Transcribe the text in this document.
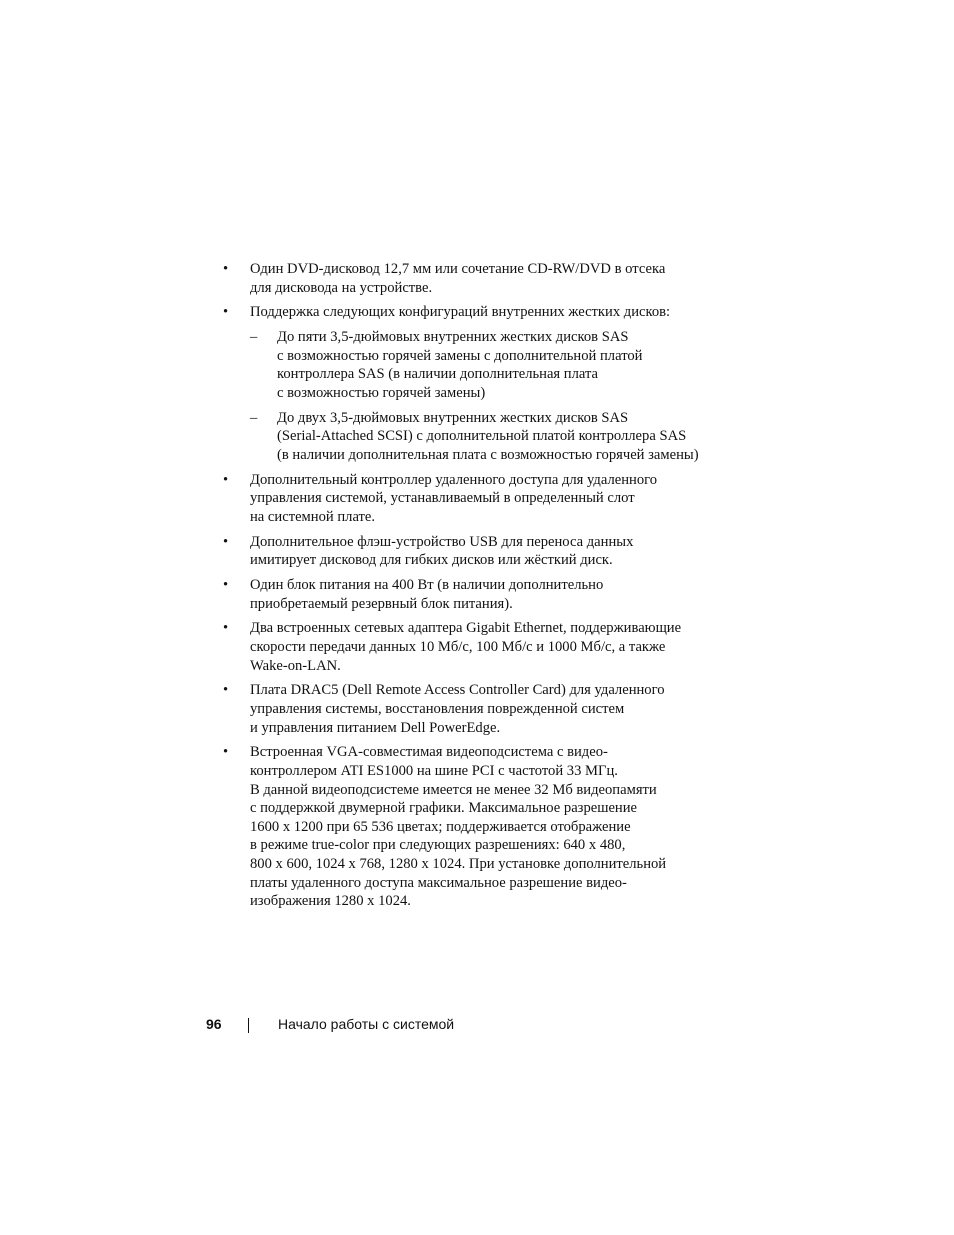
•	Один DVD-дисковод 12,7 мм или сочетание CD-RW/DVD в отсека
для дисковода на устройстве.
•	Поддержка следующих конфигураций внутренних жестких дисков:
–	До пяти 3,5-дюймовых внутренних жестких дисков SAS
с возможностью горячей замены с дополнительной платой
контроллера SAS (в наличии дополнительная плата
с возможностью горячей замены)
–	До двух 3,5-дюймовых внутренних жестких дисков SAS
(Serial-Attached SCSI) с дополнительной платой контроллера SAS
(в наличии дополнительная плата с возможностью горячей замены)
•	Дополнительный контроллер удаленного доступа для удаленного
управления системой, устанавливаемый в определенный слот
на системной плате.
•	Дополнительное флэш-устройство USB для переноса данных
имитирует дисковод для гибких дисков или жёсткий диск.
•	Один блок питания на 400 Вт (в наличии дополнительно
приобретаемый резервный блок питания).
•	Два встроенных сетевых адаптера Gigabit Ethernet, поддерживающие
скорости передачи данных 10 Мб/с, 100 Мб/с и 1000 Мб/с, а также
Wake-on-LAN.
•	Плата DRAC5 (Dell Remote Access Controller Card) для удаленного
управления системы, восстановления поврежденной систем
и управления питанием Dell PowerEdge.
•	Встроенная VGA-совместимая видеоподсистема с видео-
контроллером ATI ES1000 на шине PCI с частотой 33 МГц.
В данной видеоподсистеме имеется не менее 32 Мб видеопамяти
с поддержкой двумерной графики. Максимальное разрешение
1600 x 1200 при 65 536 цветах; поддерживается отображение
в режиме true-color при следующих разрешениях: 640 x 480,
800 x 600, 1024 x 768, 1280 x 1024. При установке дополнительной
платы удаленного доступа максимальное разрешение видео-
изображения 1280 x 1024.
96	Начало работы с системой
